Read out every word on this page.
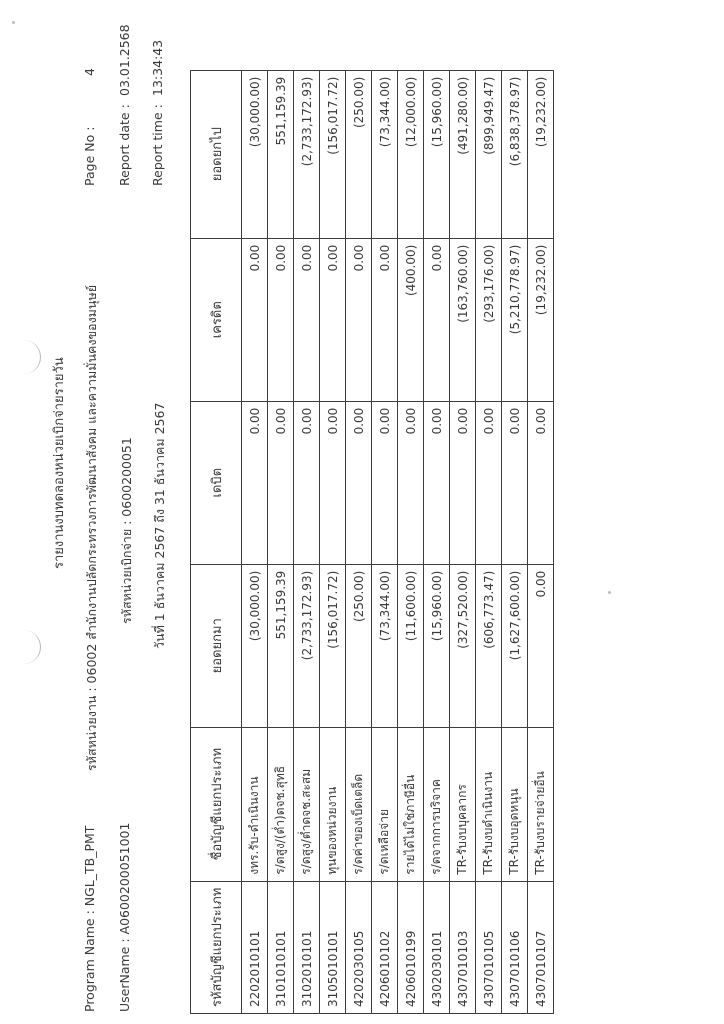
รายงานงบทดลองหน่วยเบิกจ่ายรายวัน
Program Name : NGL_TB_PMT
รหัสหน่วยงาน : 06002 สำนักงานปลัดกระทรวงการพัฒนาสังคม และความมั่นคงของมนุษย์
Page No :
4
UserName : A0600200051001
รหัสหน่วยเบิกจ่าย : 0600200051
Report date :
03.01.2568
วันที่ 1 ธันวาคม 2567 ถึง 31 ธันวาคม 2567
Report time :
13:34:43
รหัสบัญชีแยกประเภท	ชื่อบัญชีแยกประเภท	ยอดยกมา	เดบิต	เครดิต	ยอดยกไป
2202010101	งทร.รับ-ดำเนินงาน	(30,000.00)	0.00	0.00	(30,000.00)
3101010101	ร/ดสูง/(ต่ำ)ดจช.สุทธิ	551,159.39	0.00	0.00	551,159.39
3102010101	ร/ดสูง/ต่ำดจช.สะสม	(2,733,172.93)	0.00	0.00	(2,733,172.93)
3105010101	ทุนของหน่วยงาน	(156,017.72)	0.00	0.00	(156,017.72)
4202030105	ร/ดค่าของเบ็ดเตล็ด	(250.00)	0.00	0.00	(250.00)
4206010102	ร/ดเหลือจ่าย	(73,344.00)	0.00	0.00	(73,344.00)
4206010199	รายได้ไม่ใช่ภาษีอื่น	(11,600.00)	0.00	(400.00)	(12,000.00)
4302030101	ร/ดจากการบริจาค	(15,960.00)	0.00	0.00	(15,960.00)
4307010103	TR-รับงบบุคลากร	(327,520.00)	0.00	(163,760.00)	(491,280.00)
4307010105	TR-รับงบดำเนินงาน	(606,773.47)	0.00	(293,176.00)	(899,949.47)
4307010106	TR-รับงบอุดหนุน	(1,627,600.00)	0.00	(5,210,778.97)	(6,838,378.97)
4307010107	TR-รับงบรายจ่ายอื่น	0.00	0.00	(19,232.00)	(19,232.00)
